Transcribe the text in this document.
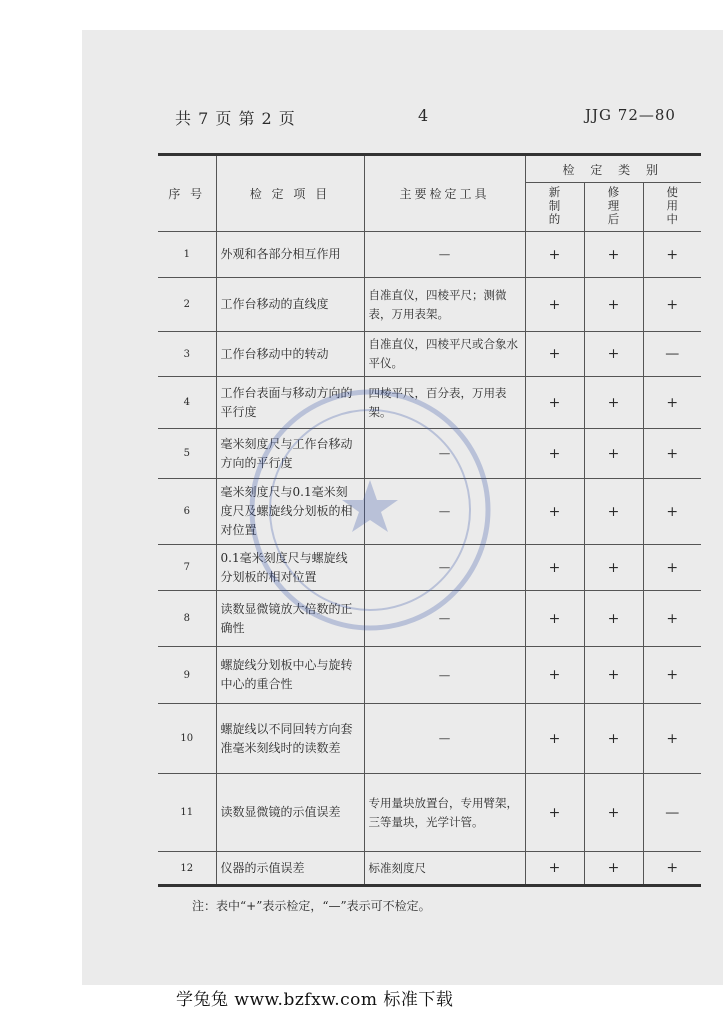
共 7 页 第 2 页	4	JJG 72—80
序 号	检 定 项 目	主要检定工具	检 定 类 别		
			新制的	修理后	使用中
1	外观和各部分相互作用	—	+	+	+
2	工作台移动的直线度	自准直仪，四棱平尺；测微表，万用表架。	+	+	+
3	工作台移动中的转动	自准直仪，四棱平尺或合象水平仪。	+	+	—
4	工作台表面与移动方向的平行度	四棱平尺，百分表，万用表架。	+	+	+
5	毫米刻度尺与工作台移动方向的平行度	—	+	+	+
6	毫米刻度尺与0.1毫米刻度尺及螺旋线分划板的相对位置	—	+	+	+
7	0.1毫米刻度尺与螺旋线分划板的相对位置	—	+	+	+
8	读数显微镜放大倍数的正确性	—	+	+	+
9	螺旋线分划板中心与旋转中心的重合性	—	+	+	+
10	螺旋线以不同回转方向套准毫米刻线时的读数差	—	+	+	+
11	读数显微镜的示值误差	专用量块放置台，专用臂架，三等量块，光学计管。	+	+	—
12	仪器的示值误差	标准刻度尺	+	+	+
注：表中“+”表示检定，“—”表示可不检定。
学兔兔 www.bzfxw.com 标准下载
